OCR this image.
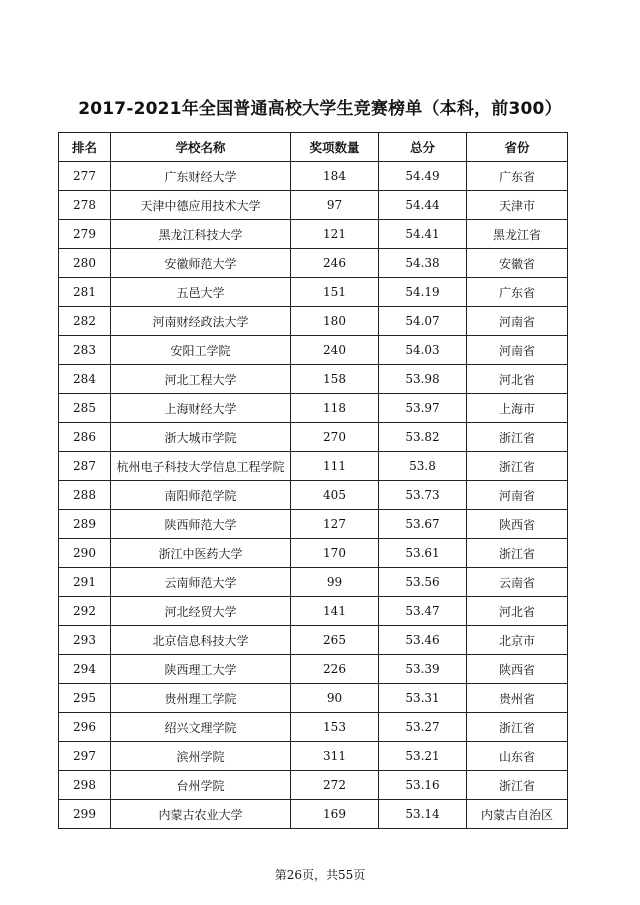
2017-2021年全国普通高校大学生竞赛榜单（本科，前300）
排名	学校名称	奖项数量	总分	省份
277	广东财经大学	184	54.49	广东省
278	天津中德应用技术大学	97	54.44	天津市
279	黑龙江科技大学	121	54.41	黑龙江省
280	安徽师范大学	246	54.38	安徽省
281	五邑大学	151	54.19	广东省
282	河南财经政法大学	180	54.07	河南省
283	安阳工学院	240	54.03	河南省
284	河北工程大学	158	53.98	河北省
285	上海财经大学	118	53.97	上海市
286	浙大城市学院	270	53.82	浙江省
287	杭州电子科技大学信息工程学院	111	53.8	浙江省
288	南阳师范学院	405	53.73	河南省
289	陕西师范大学	127	53.67	陕西省
290	浙江中医药大学	170	53.61	浙江省
291	云南师范大学	99	53.56	云南省
292	河北经贸大学	141	53.47	河北省
293	北京信息科技大学	265	53.46	北京市
294	陕西理工大学	226	53.39	陕西省
295	贵州理工学院	90	53.31	贵州省
296	绍兴文理学院	153	53.27	浙江省
297	滨州学院	311	53.21	山东省
298	台州学院	272	53.16	浙江省
299	内蒙古农业大学	169	53.14	内蒙古自治区
第26页，共55页
